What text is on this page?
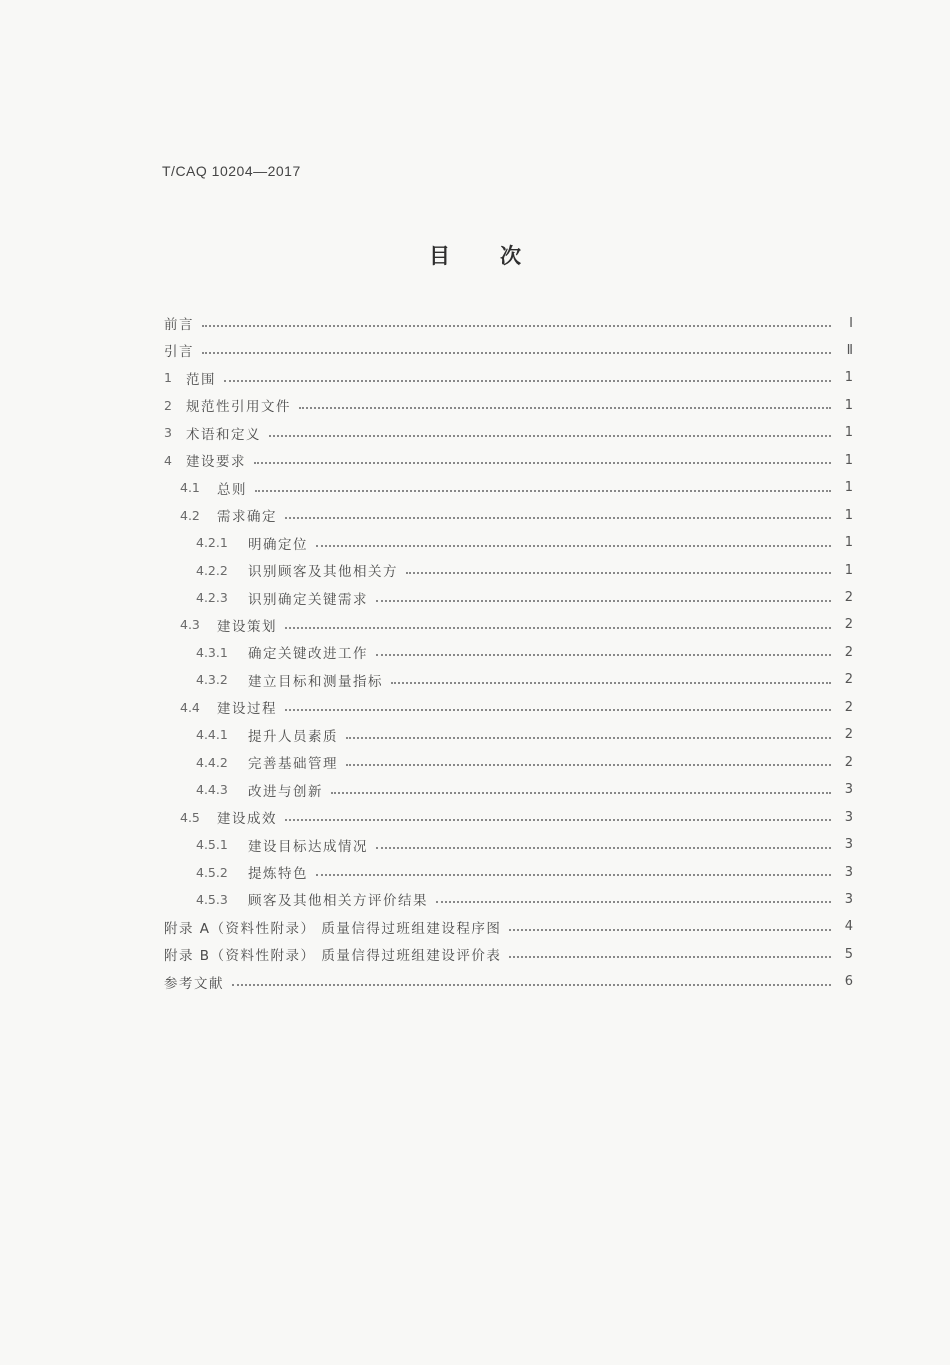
T/CAQ 10204—2017
目 次
前言	Ⅰ
引言	Ⅱ
1	范围	1
2	规范性引用文件	1
3	术语和定义	1
4	建设要求	1
4.1	总则	1
4.2	需求确定	1
4.2.1	明确定位	1
4.2.2	识别顾客及其他相关方	1
4.2.3	识别确定关键需求	2
4.3	建设策划	2
4.3.1	确定关键改进工作	2
4.3.2	建立目标和测量指标	2
4.4	建设过程	2
4.4.1	提升人员素质	2
4.4.2	完善基础管理	2
4.4.3	改进与创新	3
4.5	建设成效	3
4.5.1	建设目标达成情况	3
4.5.2	提炼特色	3
4.5.3	顾客及其他相关方评价结果	3
附录 A（资料性附录） 质量信得过班组建设程序图	4
附录 B（资料性附录） 质量信得过班组建设评价表	5
参考文献	6
